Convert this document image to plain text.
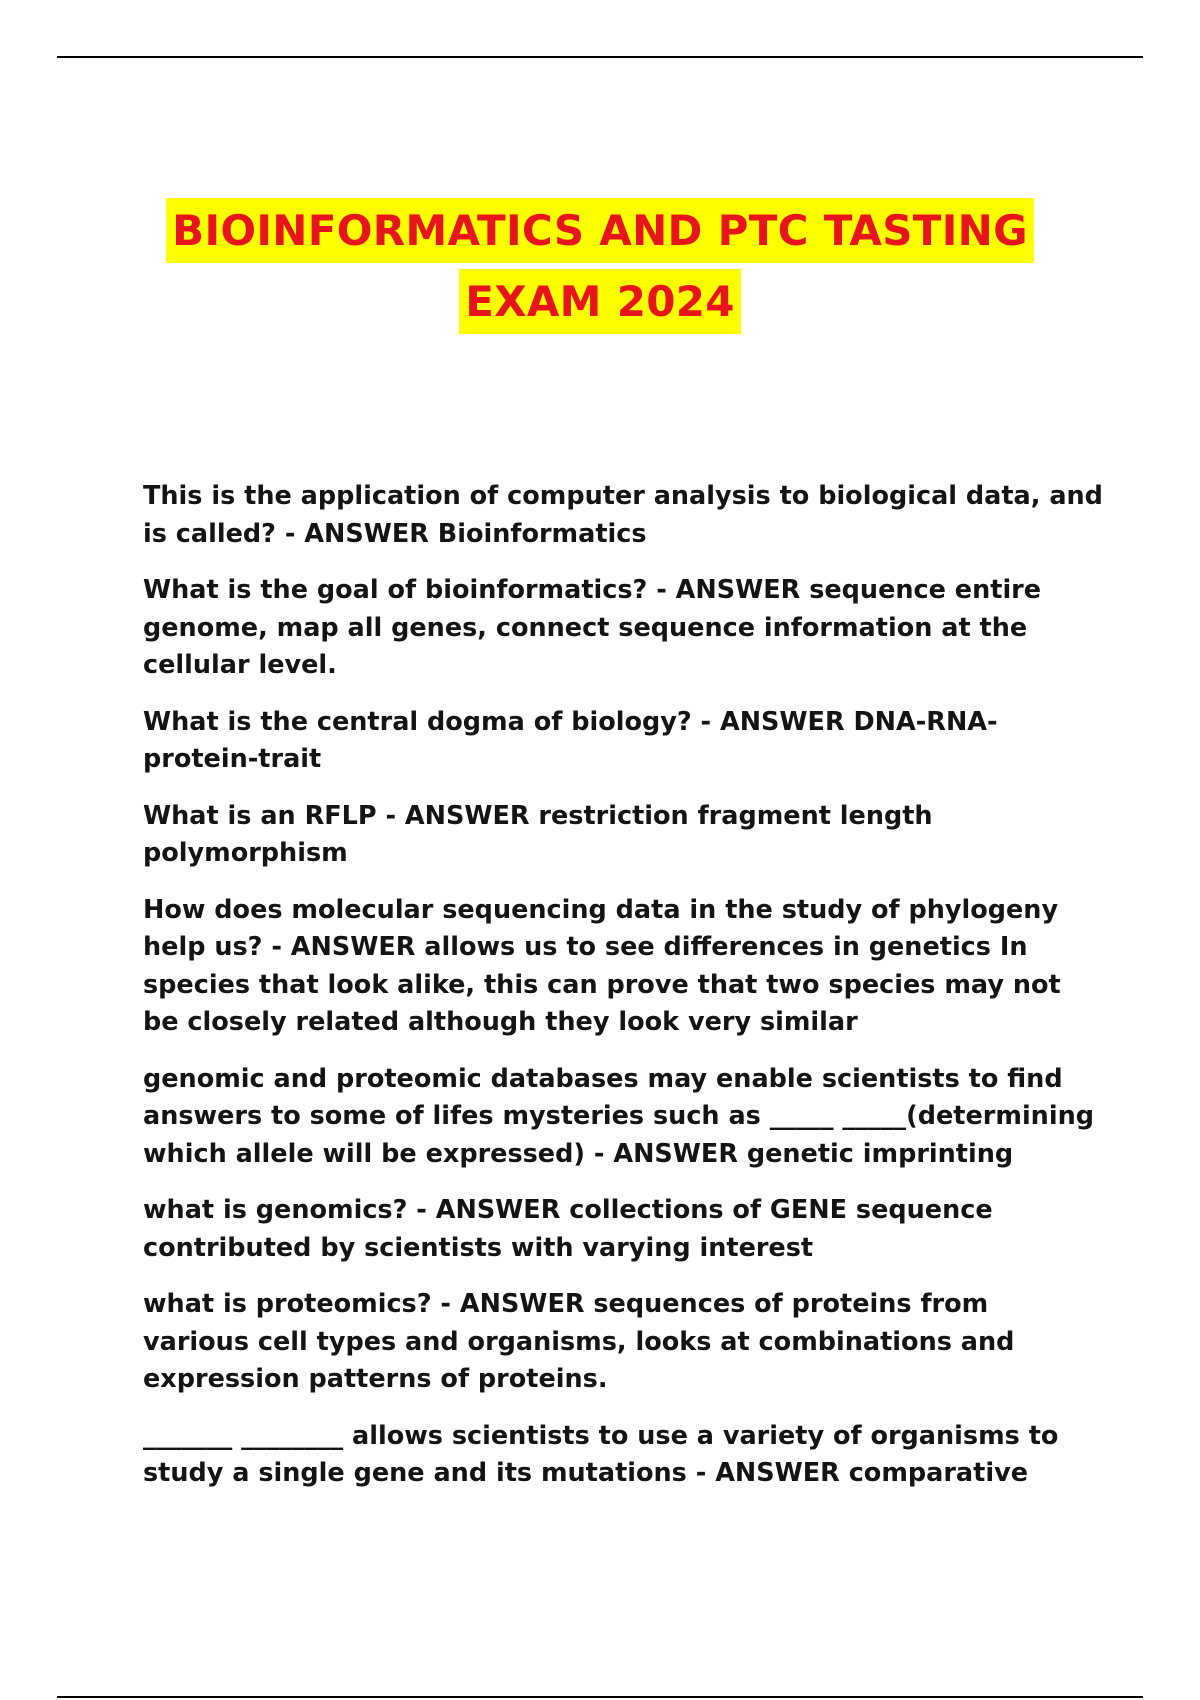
BIOINFORMATICS AND PTC TASTING
EXAM 2024

This is the application of computer analysis to biological data, and is called? - ANSWER Bioinformatics

What is the goal of bioinformatics? - ANSWER sequence entire genome, map all genes, connect sequence information at the cellular level.

What is the central dogma of biology? - ANSWER DNA-RNA-protein-trait

What is an RFLP - ANSWER restriction fragment length polymorphism

How does molecular sequencing data in the study of phylogeny help us? - ANSWER allows us to see differences in genetics In species that look alike, this can prove that two species may not be closely related although they look very similar

genomic and proteomic databases may enable scientists to find answers to some of lifes mysteries such as _____ _____(determining which allele will be expressed) - ANSWER genetic imprinting

what is genomics? - ANSWER collections of GENE sequence contributed by scientists with varying interest

what is proteomics? - ANSWER sequences of proteins from various cell types and organisms, looks at combinations and expression patterns of proteins.

_______ ________ allows scientists to use a variety of organisms to study a single gene and its mutations - ANSWER comparative
